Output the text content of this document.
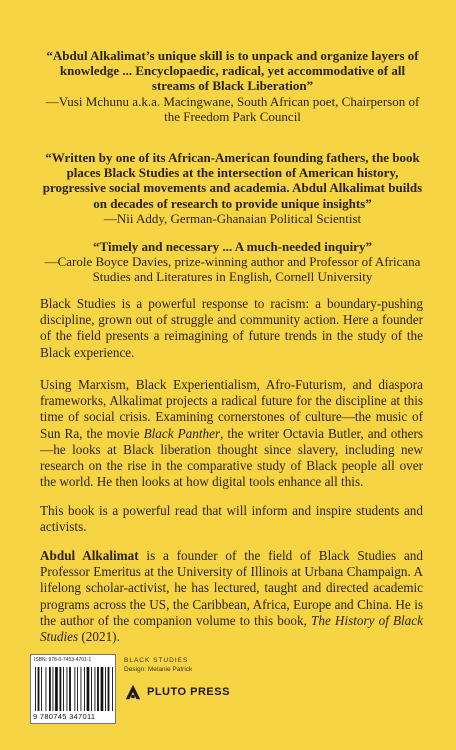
“Abdul Alkalimat’s unique skill is to unpack and organize layers of knowledge ... Encyclopaedic, radical, yet accommodative of all streams of Black Liberation”
—Vusi Mchunu a.k.a. Macingwane, South African poet, Chairperson of the Freedom Park Council
“Written by one of its African-American founding fathers, the book places Black Studies at the intersection of American history, progressive social movements and academia. Abdul Alkalimat builds on decades of research to provide unique insights”
—Nii Addy, German-Ghanaian Political Scientist
“Timely and necessary ... A much-needed inquiry”
—Carole Boyce Davies, prize-winning author and Professor of Africana Studies and Literatures in English, Cornell University

Black Studies is a powerful response to racism: a boundary-pushing discipline, grown out of struggle and community action. Here a founder of the field presents a reimagining of future trends in the study of the Black experience.

Using Marxism, Black Experientialism, Afro-Futurism, and diaspora frameworks, Alkalimat projects a radical future for the discipline at this time of social crisis. Examining cornerstones of culture—the music of Sun Ra, the movie Black Panther, the writer Octavia Butler, and others—he looks at Black liberation thought since slavery, including new research on the rise in the comparative study of Black people all over the world. He then looks at how digital tools enhance all this.

This book is a powerful read that will inform and inspire students and activists.

Abdul Alkalimat is a founder of the field of Black Studies and Professor Emeritus at the University of Illinois at Urbana Champaign. A lifelong scholar-activist, he has lectured, taught and directed academic programs across the US, the Caribbean, Africa, Europe and China. He is the author of the companion volume to this book, The History of Black Studies (2021).

ISBN: 978-0-7453-4701-1
9 780745 347011
BLACK STUDIES
Design: Melanie Patrick
PLUTO PRESS
